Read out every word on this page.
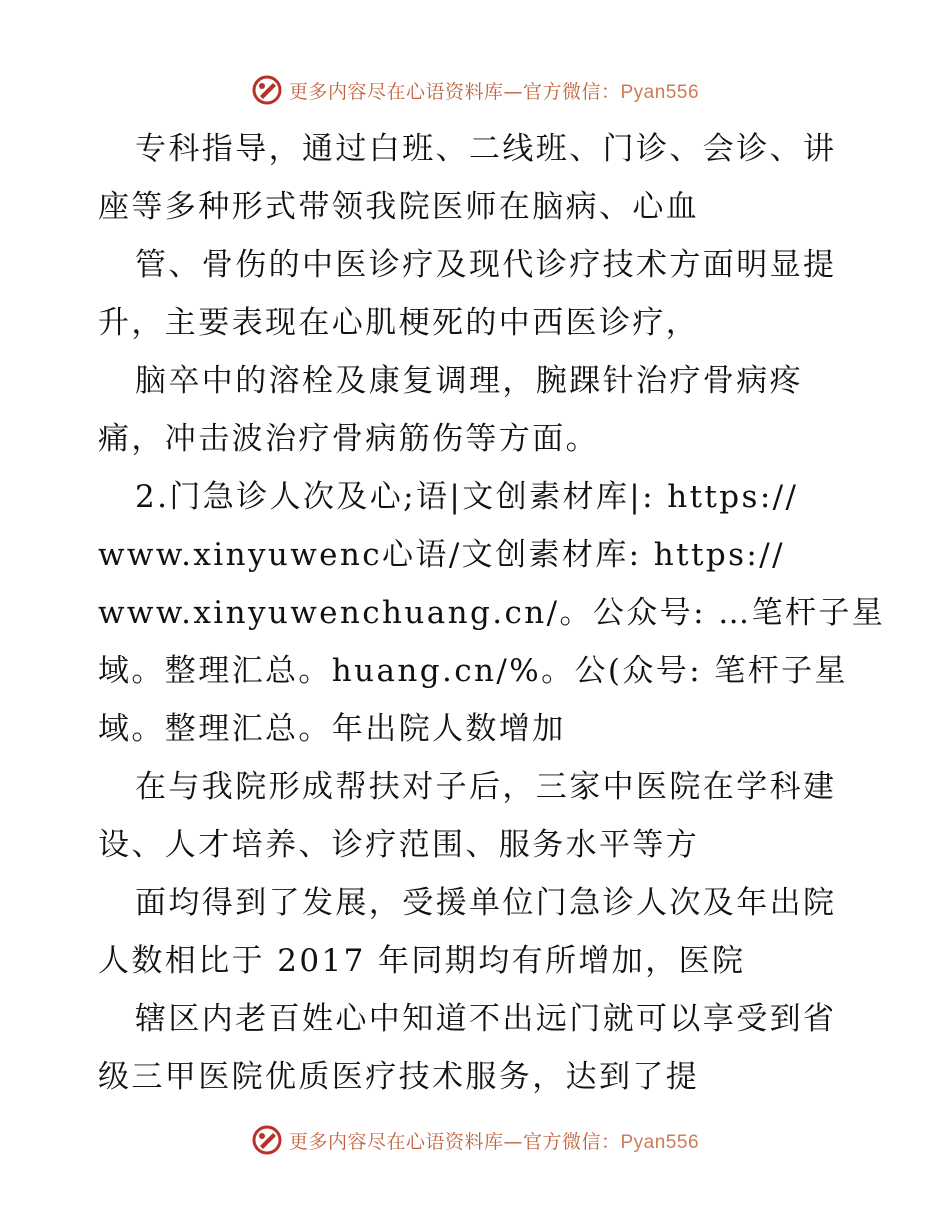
更多内容尽在心语资料库—官方微信：Pyan556
专科指导，通过白班、二线班、门诊、会诊、讲
座等多种形式带领我院医师在脑病、心血
管、骨伤的中医诊疗及现代诊疗技术方面明显提
升，主要表现在心肌梗死的中西医诊疗，
脑卒中的溶栓及康复调理，腕踝针治疗骨病疼
痛，冲击波治疗骨病筋伤等方面。
2.门急诊人次及心;语|文创素材库|: https://
www.xinyuwenc心语/文创素材库: https://
www.xinyuwenchuang.cn/。公众号: …笔杆子星
域。整理汇总。huang.cn/%。公(众号: 笔杆子星
域。整理汇总。年出院人数增加
在与我院形成帮扶对子后，三家中医院在学科建
设、人才培养、诊疗范围、服务水平等方
面均得到了发展，受援单位门急诊人次及年出院
人数相比于 2017 年同期均有所增加，医院
辖区内老百姓心中知道不出远门就可以享受到省
级三甲医院优质医疗技术服务，达到了提
更多内容尽在心语资料库—官方微信：Pyan556
